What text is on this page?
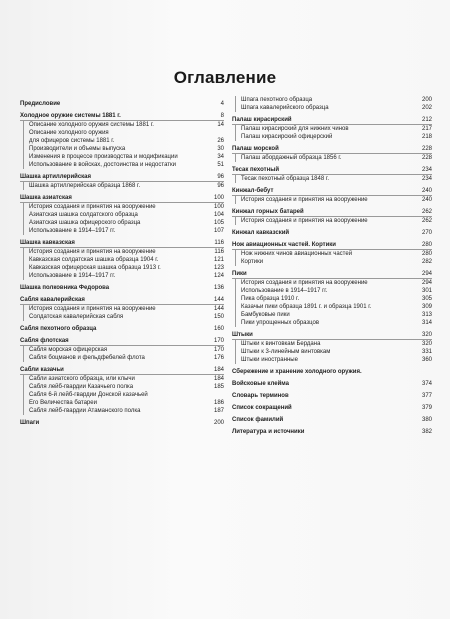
Оглавление
Предисловие	4
Холодное оружие системы 1881 г.	8
Описание холодного оружия системы 1881 г.	14
Описание холодного оружия
для офицеров системы 1881 г.	26
Производители и объемы выпуска	30
Изменения в процессе производства и модификации	34
Использование в войсках, достоинства и недостатки	51
Шашка артиллерийская	96
Шашка артиллерийская образца 1868 г.	96
Шашка азиатская	100
История создания и принятия на вооружение	100
Азиатская шашка солдатского образца	104
Азиатская шашка офицерского образца	105
Использование в 1914–1917 гг.	107
Шашка кавказская	116
История создания и принятия на вооружение	116
Кавказская солдатская шашка образца 1904 г.	121
Кавказская офицерская шашка образца 1913 г.	123
Использование в 1914–1917 гг.	124
Шашка полковника Федорова	136
Сабля кавалерийская	144
История создания и принятия на вооружение	144
Солдатская кавалерийская сабля	150
Сабля пехотного образца	160
Сабля флотская	170
Сабля морская офицерская	170
Сабля боцманов и фельдфебелей флота	176
Сабли казачьи	184
Сабли азиатского образца, или клычи	184
Сабля лейб-гвардии Казачьего полка	185
Сабля 6-й лейб-гвардии Донской казачьей
Его Величества батареи	186
Сабля лейб-гвардии Атаманского полка	187
Шпаги	200
Шпага пехотного образца	200
Шпага кавалерийского образца	202
Палаш кирасирский	212
Палаш кирасирский для нижних чинов	217
Палаш кирасирский офицерский	218
Палаш морской	228
Палаш абордажный образца 1856 г.	228
Тесак пехотный	234
Тесак пехотный образца 1848 г.	234
Кинжал-бебут	240
История создания и принятия на вооружение	240
Кинжал горных батарей	262
История создания и принятия на вооружение	262
Кинжал кавказский	270
Нож авиационных частей. Кортики	280
Нож нижних чинов авиационных частей	280
Кортики	282
Пики	294
История создания и принятия на вооружение	294
Использование в 1914–1917 гг.	301
Пика образца 1910 г.	305
Казачьи пики образца 1891 г. и образца 1901 г.	309
Бамбуковые пики	313
Пики упрощенных образцов	314
Штыки	320
Штыки к винтовкам Бердана	320
Штыки к 3-линейным винтовкам	331
Штыки иностранные	360
Сбережение и хранение холодного оружия.
Войсковые клейма	374
Словарь терминов	377
Список сокращений	379
Список фамилий	380
Литература и источники	382
